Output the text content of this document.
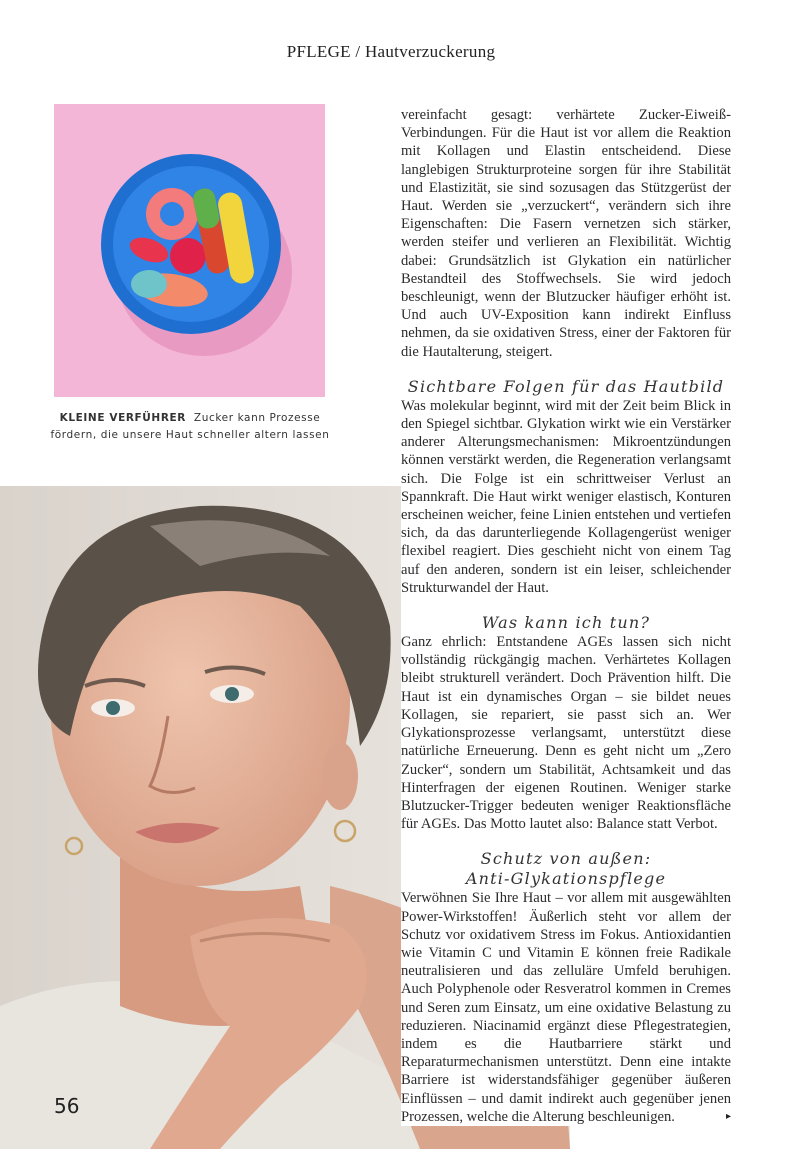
PFLEGE / Hautverzuckerung
KLEINE VERFÜHRER Zucker kann Prozesse fördern, die unsere Haut schneller altern lassen
56

vereinfacht gesagt: verhärtete Zucker-Eiweiß-Verbindungen. Für die Haut ist vor allem die Reaktion mit Kollagen und Elastin entscheidend. Diese langlebigen Strukturproteine sorgen für ihre Stabilität und Elastizität, sie sind sozusagen das Stützgerüst der Haut. Werden sie „verzuckert“, verändern sich ihre Eigenschaften: Die Fasern vernetzen sich stärker, werden steifer und verlieren an Flexibilität. Wichtig dabei: Grundsätzlich ist Glykation ein natürlicher Bestandteil des Stoffwechsels. Sie wird jedoch beschleunigt, wenn der Blutzucker häufiger erhöht ist. Und auch UV-Exposition kann indirekt Einfluss nehmen, da sie oxidativen Stress, einer der Faktoren für die Hautalterung, steigert.

Sichtbare Folgen für das Hautbild

Was molekular beginnt, wird mit der Zeit beim Blick in den Spiegel sichtbar. Glykation wirkt wie ein Verstärker anderer Alterungsmechanismen: Mikroentzündungen können verstärkt werden, die Regeneration verlangsamt sich. Die Folge ist ein schrittweiser Verlust an Spannkraft. Die Haut wirkt weniger elastisch, Konturen erscheinen weicher, feine Linien entstehen und vertiefen sich, da das darunterliegende Kollagengerüst weniger flexibel reagiert. Dies geschieht nicht von einem Tag auf den anderen, sondern ist ein leiser, schleichender Strukturwandel der Haut.

Was kann ich tun?

Ganz ehrlich: Entstandene AGEs lassen sich nicht vollständig rückgängig machen. Verhärtetes Kollagen bleibt strukturell verändert. Doch Prävention hilft. Die Haut ist ein dynamisches Organ – sie bildet neues Kollagen, sie repariert, sie passt sich an. Wer Glykationsprozesse verlangsamt, unterstützt diese natürliche Erneuerung. Denn es geht nicht um „Zero Zucker“, sondern um Stabilität, Achtsamkeit und das Hinterfragen der eigenen Routinen. Weniger starke Blutzucker-Trigger bedeuten weniger Reaktionsfläche für AGEs. Das Motto lautet also: Balance statt Verbot.

Schutz von außen:
Anti-Glykationspflege

Verwöhnen Sie Ihre Haut – vor allem mit ausgewählten Power-Wirkstoffen! Äußerlich steht vor allem der Schutz vor oxidativem Stress im Fokus. Antioxidantien wie Vitamin C und Vitamin E können freie Radikale neutralisieren und das zelluläre Umfeld beruhigen. Auch Polyphenole oder Resveratrol kommen in Cremes und Seren zum Einsatz, um eine oxidative Belastung zu reduzieren. Niacinamid ergänzt diese Pflegestrategien, indem es die Hautbarriere stärkt und Reparaturmechanismen unterstützt. Denn eine intakte Barriere ist widerstandsfähiger gegenüber äußeren Einflüssen – und damit indirekt auch gegenüber jenen Prozessen, welche die Alterung beschleunigen.	▸
